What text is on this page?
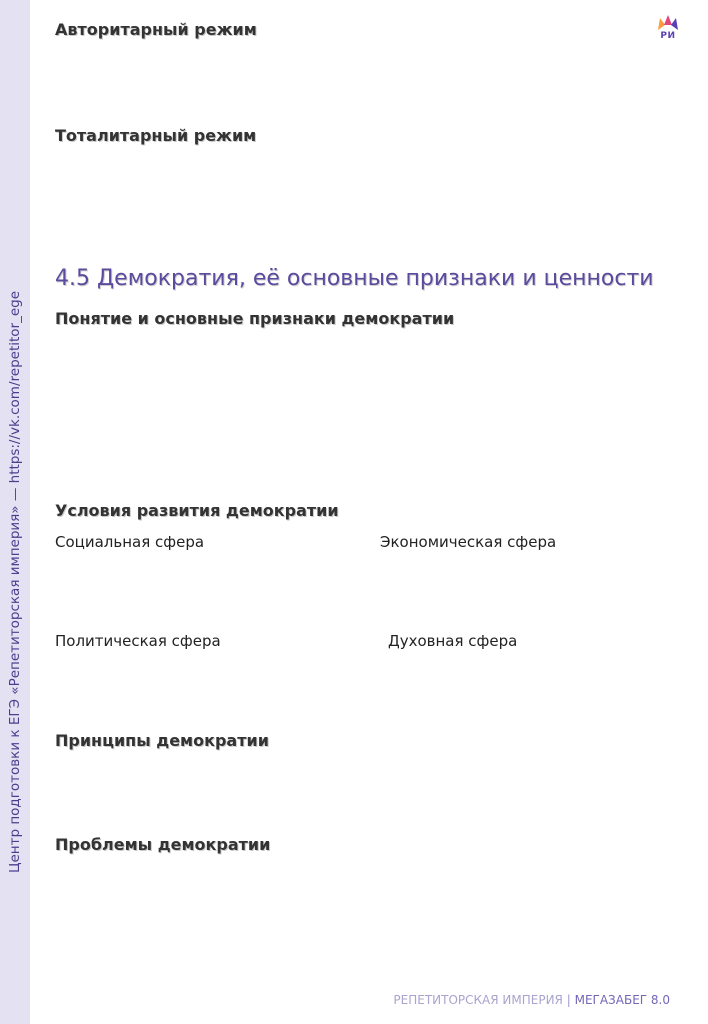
Центр подготовки к ЕГЭ «Репетиторская империя» — https://vk.com/repetitor_ege
РИ
Авторитарный режим
Тоталитарный режим
4.5 Демократия, её основные признаки и ценности
Понятие и основные признаки демократии
Условия развития демократии
Социальная сфера	Экономическая сфера
Политическая сфера	Духовная сфера
Принципы демократии
Проблемы демократии
РЕПЕТИТОРСКАЯ ИМПЕРИЯ | МЕГАЗАБЕГ 8.0
